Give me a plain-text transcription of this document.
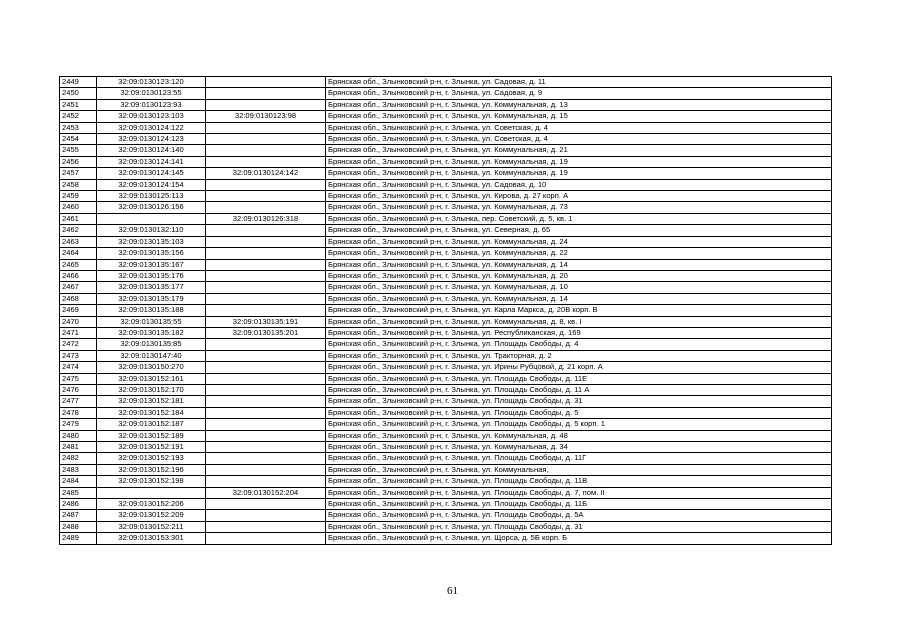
2449	32:09:0130123:120		Брянская обл., Злынковский р-н, г. Злынка, ул. Садовая, д. 11
2450	32:09:0130123:55		Брянская обл., Злынковский р-н, г. Злынка, ул. Садовая, д. 9
2451	32:09:0130123:93		Брянская обл., Злынковский р-н, г. Злынка, ул. Коммунальная, д. 13
2452	32:09:0130123:103	32:09:0130123:98	Брянская обл., Злынковский р-н, г. Злынка, ул. Коммунальная, д. 15
2453	32:09:0130124:122		Брянская обл., Злынковский р-н, г. Злынка, ул. Советская, д. 4
2454	32:09:0130124:123		Брянская обл., Злынковский р-н, г. Злынка, ул. Советская, д. 4
2455	32:09:0130124:140		Брянская обл., Злынковский р-н, г. Злынка, ул. Коммунальная, д. 21
2456	32:09:0130124:141		Брянская обл., Злынковский р-н, г. Злынка, ул. Коммунальная, д. 19
2457	32:09:0130124:145	32:09:0130124:142	Брянская обл., Злынковский р-н, г. Злынка, ул. Коммунальная, д. 19
2458	32:09:0130124:154		Брянская обл., Злынковский р-н, г. Злынка, ул. Садовая, д. 10
2459	32:09:0130125:113		Брянская обл., Злынковский р-н, г. Злынка, ул. Кирова, д. 27 корп. А
2460	32:09:0130126:156		Брянская обл., Злынковский р-н, г. Злынка, ул. Коммунальная, д. 73
2461		32:09:0130126:318	Брянская обл., Злынковский р-н, г. Злынка, пер. Советский, д. 5, кв. 1
2462	32:09:0130132:110		Брянская обл., Злынковский р-н, г. Злынка, ул. Северная, д. 65
2463	32:09:0130135:103		Брянская обл., Злынковский р-н, г. Злынка, ул. Коммунальная, д. 24
2464	32:09:0130135:156		Брянская обл., Злынковский р-н, г. Злынка, ул. Коммунальная, д. 22
2465	32:09:0130135:167		Брянская обл., Злынковский р-н, г. Злынка, ул. Коммунальная, д. 14
2466	32:09:0130135:176		Брянская обл., Злынковский р-н, г. Злынка, ул. Коммунальная, д. 20
2467	32:09:0130135:177		Брянская обл., Злынковский р-н, г. Злынка, ул. Коммунальная, д. 10
2468	32:09:0130135:179		Брянская обл., Злынковский р-н, г. Злынка, ул. Коммунальная, д. 14
2469	32:09:0130135:188		Брянская обл., Злынковский р-н, г. Злынка, ул. Карла Маркса, д. 20В корп. В
2470	32:09:0130135:55	32:09:0130135:191	Брянская обл., Злынковский р-н, г. Злынка, ул. Коммунальная, д. 8, кв. I
2471	32:09:0130135:182	32:09:0130135:201	Брянская обл., Злынковский р-н, г. Злынка, ул. Республиканская, д. 169
2472	32:09:0130135:85		Брянская обл., Злынковский р-н, г. Злынка, ул. Площадь Свободы, д. 4
2473	32:09:0130147:40		Брянская обл., Злынковский р-н, г. Злынка, ул. Тракторная, д. 2
2474	32:09:0130150:270		Брянская обл., Злынковский р-н, г. Злынка, ул. Ирины Рубцовой, д. 21 корп. А
2475	32:09:0130152:161		Брянская обл., Злынковский р-н, г. Злынка, ул. Площадь Свободы, д. 11Е
2476	32:09:0130152:170		Брянская обл., Злынковский р-н, г. Злынка, ул. Площадь Свободы, д. 11 А
2477	32:09:0130152:181		Брянская обл., Злынковский р-н, г. Злынка, ул. Площадь Свободы, д. 31
2478	32:09:0130152:184		Брянская обл., Злынковский р-н, г. Злынка, ул. Площадь Свободы, д. 5
2479	32:09:0130152:187		Брянская обл., Злынковский р-н, г. Злынка, ул. Площадь Свободы, д. 5 корп. 1
2480	32:09:0130152:189		Брянская обл., Злынковский р-н, г. Злынка, ул. Коммунальная, д. 48
2481	32:09:0130152:191		Брянская обл., Злынковский р-н, г. Злынка, ул. Коммунальная, д. 34
2482	32:09:0130152:193		Брянская обл., Злынковский р-н, г. Злынка, ул. Площадь Свободы, д. 11Г
2483	32:09:0130152:196		Брянская обл., Злынковский р-н, г. Злынка, ул. Коммунальная,
2484	32:09:0130152:198		Брянская обл., Злынковский р-н, г. Злынка, ул. Площадь Свободы, д. 11В
2485		32:09:0130152:204	Брянская обл., Злынковский р-н, г. Злынка, ул. Площадь Свободы, д. 7, пом. II
2486	32:09:0130152:206		Брянская обл., Злынковский р-н, г. Злынка, ул. Площадь Свободы, д. 11Б
2487	32:09:0130152:209		Брянская обл., Злынковский р-н, г. Злынка, ул. Площадь Свободы, д. 5А
2488	32:09:0130152:211		Брянская обл., Злынковский р-н, г. Злынка, ул. Площадь Свободы, д. 31
2489	32:09:0130153:301		Брянская обл., Злынковский р-н, г. Злынка, ул. Щорса, д. 5Б корп. Б
61
